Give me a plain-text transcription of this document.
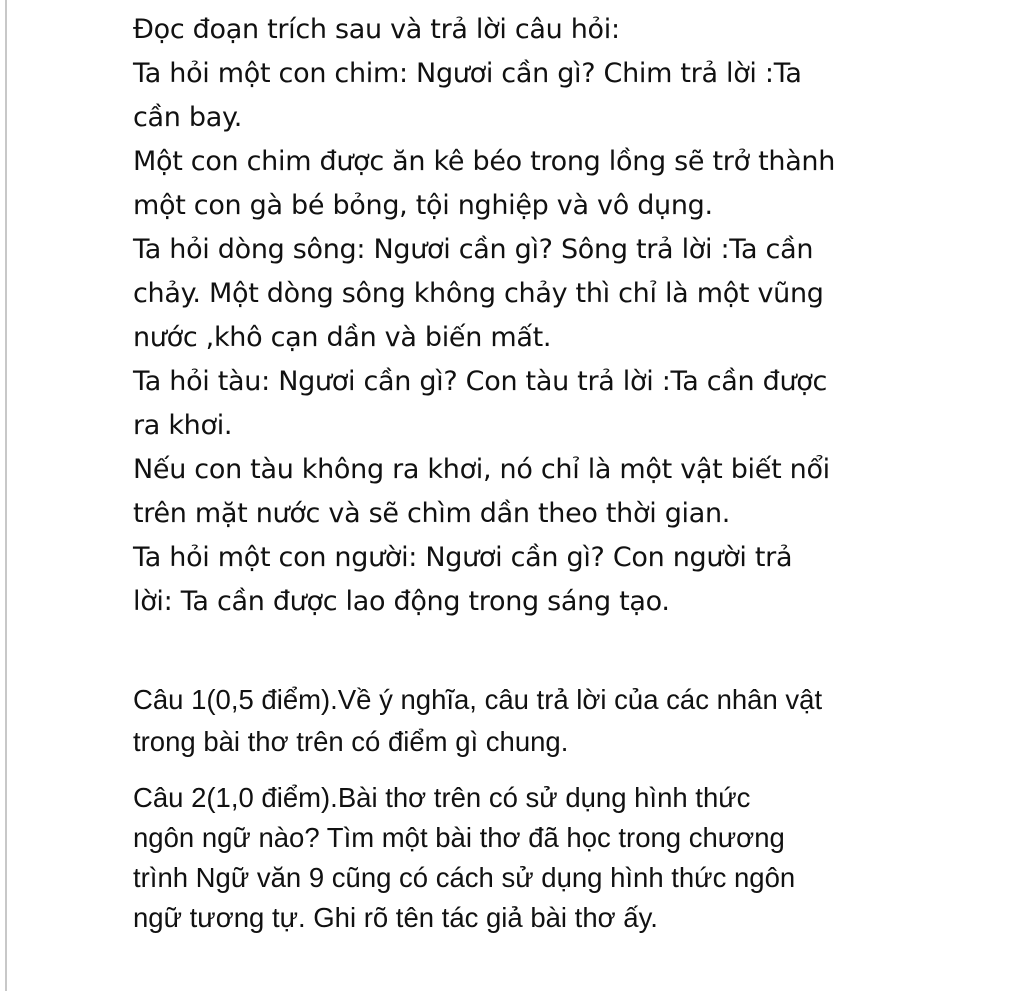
Đọc đoạn trích sau và trả lời câu hỏi:

Ta hỏi một con chim: Ngươi cần gì? Chim trả lời :Ta

cần bay.

Một con chim được ăn kê béo trong lồng sẽ trở thành

một con gà bé bỏng, tội nghiệp và vô dụng.

Ta hỏi dòng sông: Ngươi cần gì? Sông trả lời :Ta cần

chảy. Một dòng sông không chảy thì chỉ là một vũng

nước ,khô cạn dần và biến mất.

Ta hỏi tàu: Ngươi cần gì? Con tàu trả lời :Ta cần được

ra khơi.

Nếu con tàu không ra khơi, nó chỉ là một vật biết nổi

trên mặt nước và sẽ chìm dần theo thời gian.

Ta hỏi một con người: Ngươi cần gì? Con người trả

lời: Ta cần được lao động trong sáng tạo.

Câu 1(0,5 điểm).Về ý nghĩa, câu trả lời của các nhân vật

trong bài thơ trên có điểm gì chung.

Câu 2(1,0 điểm).Bài thơ trên có sử dụng hình thức

ngôn ngữ nào? Tìm một bài thơ đã học trong chương

trình Ngữ văn 9 cũng có cách sử dụng hình thức ngôn

ngữ tương tự. Ghi rõ tên tác giả bài thơ ấy.
